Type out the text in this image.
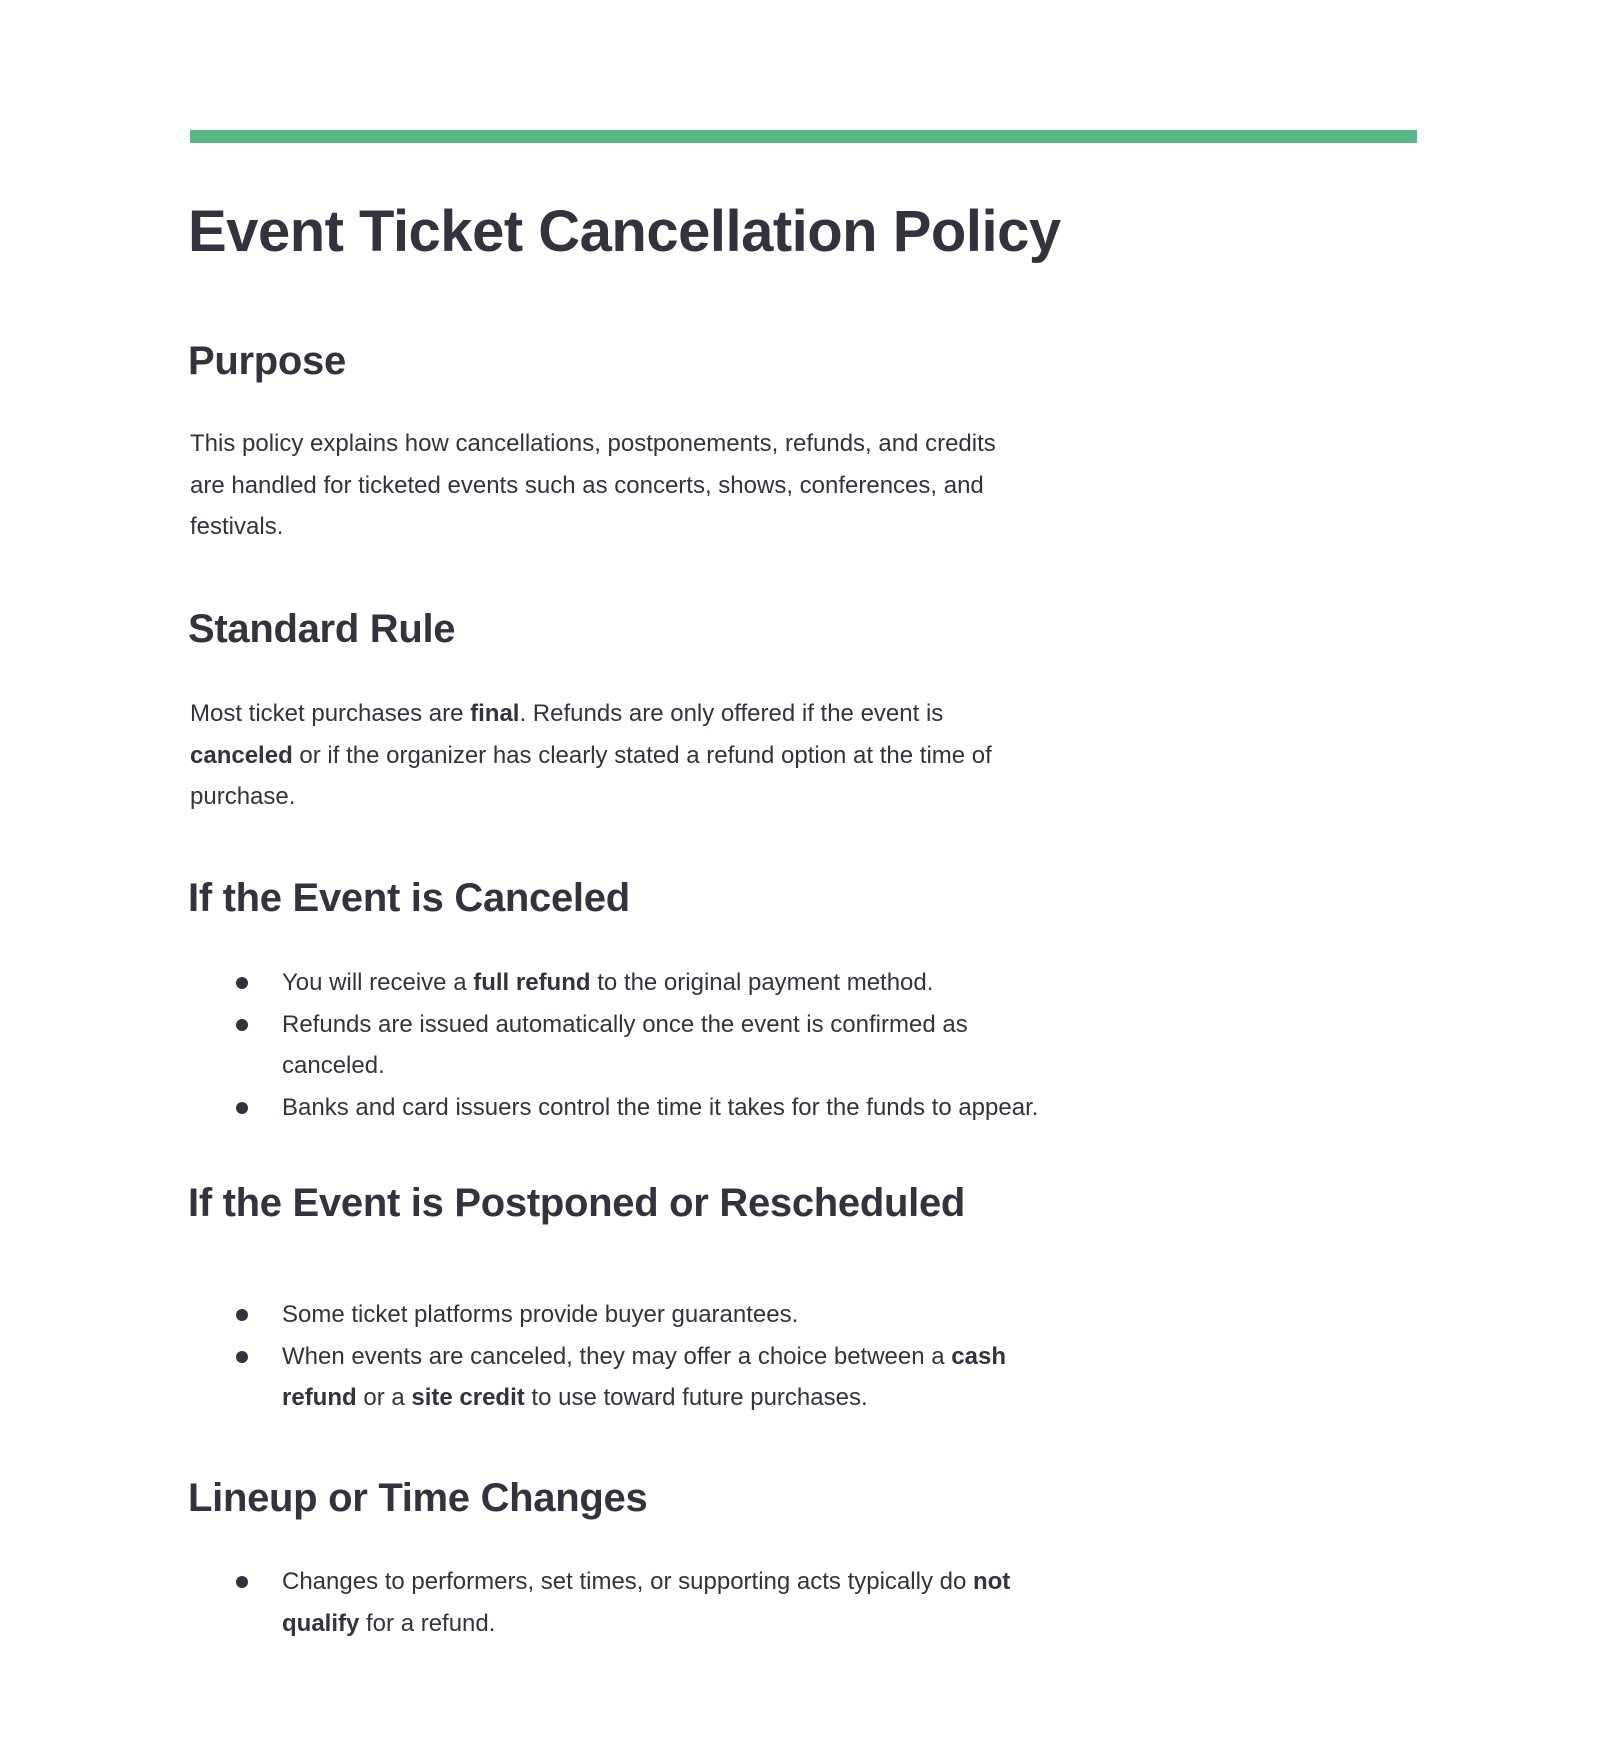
Event Ticket Cancellation Policy
Purpose
This policy explains how cancellations, postponements, refunds, and credits
are handled for ticketed events such as concerts, shows, conferences, and
festivals.
Standard Rule
Most ticket purchases are final. Refunds are only offered if the event is
canceled or if the organizer has clearly stated a refund option at the time of
purchase.
If the Event is Canceled
You will receive a full refund to the original payment method.
Refunds are issued automatically once the event is confirmed as
canceled.
Banks and card issuers control the time it takes for the funds to appear.
If the Event is Postponed or Rescheduled
Some ticket platforms provide buyer guarantees.
When events are canceled, they may offer a choice between a cash
refund or a site credit to use toward future purchases.
Lineup or Time Changes
Changes to performers, set times, or supporting acts typically do not
qualify for a refund.
